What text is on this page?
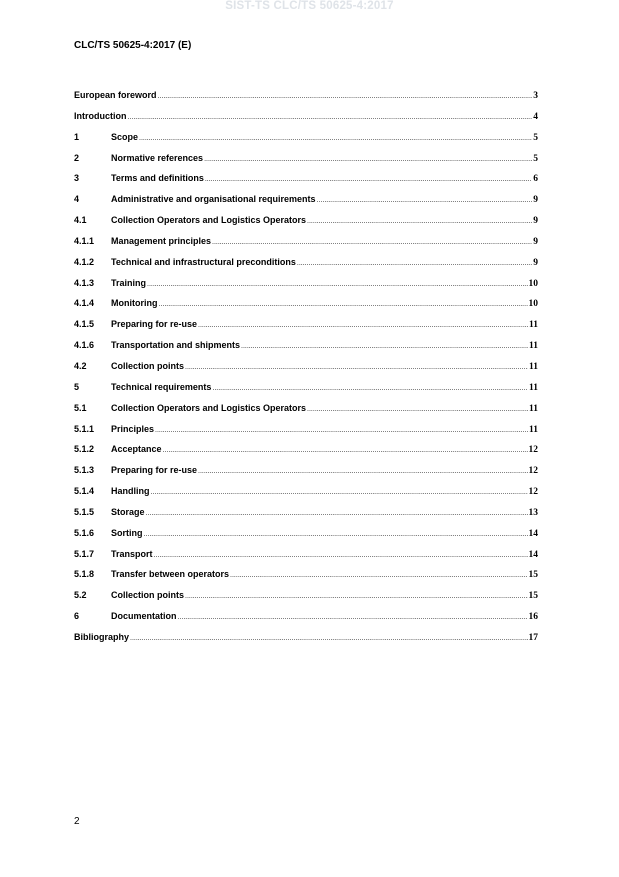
SIST-TS CLC/TS 50625-4:2017
CLC/TS 50625-4:2017 (E)
European foreword .....	3
Introduction .....	4
1	Scope .....	5
2	Normative references .....	5
3	Terms and definitions .....	6
4	Administrative and organisational requirements .....	9
4.1	Collection Operators and Logistics Operators .....	9
4.1.1	Management principles .....	9
4.1.2	Technical and infrastructural preconditions .....	9
4.1.3	Training .....	10
4.1.4	Monitoring .....	10
4.1.5	Preparing for re-use .....	11
4.1.6	Transportation and shipments .....	11
4.2	Collection points .....	11
5	Technical requirements .....	11
5.1	Collection Operators and Logistics Operators .....	11
5.1.1	Principles .....	11
5.1.2	Acceptance .....	12
5.1.3	Preparing for re-use .....	12
5.1.4	Handling .....	12
5.1.5	Storage .....	13
5.1.6	Sorting .....	14
5.1.7	Transport .....	14
5.1.8	Transfer between operators .....	15
5.2	Collection points .....	15
6	Documentation .....	16
Bibliography .....	17
2
